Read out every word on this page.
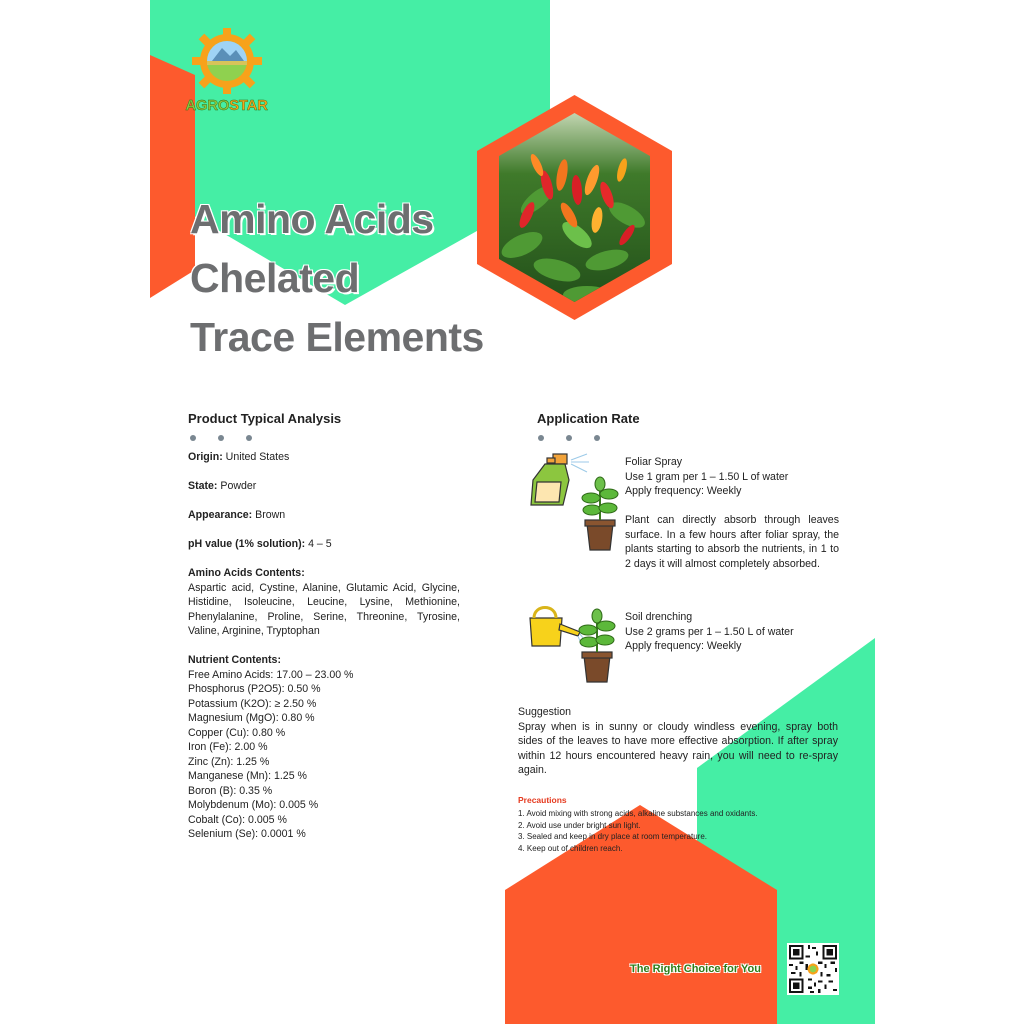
AGROSTAR
Amino Acids
Chelated
Trace Elements
Product Typical Analysis

Origin: United States

State: Powder

Appearance: Brown

pH value (1% solution): 4 – 5

Amino Acids Contents:

Aspartic acid, Cystine, Alanine, Glutamic Acid, Glycine, Histidine, Isoleucine, Leucine, Lysine, Methionine, Phenylalanine, Proline, Serine, Threonine, Tyrosine, Valine, Arginine, Tryptophan

Nutrient Contents:

Free Amino Acids: 17.00 – 23.00 %

Phosphorus (P2O5): 0.50 %

Potassium (K2O): ≥ 2.50 %

Magnesium (MgO): 0.80 %

Copper (Cu): 0.80 %

Iron (Fe): 2.00 %

Zinc (Zn): 1.25 %

Manganese (Mn): 1.25 %

Boron (B): 0.35 %

Molybdenum (Mo): 0.005 %

Cobalt (Co): 0.005 %

Selenium (Se): 0.0001 %

Application Rate
Foliar Spray
Use 1 gram per 1 – 1.50 L of water
Apply frequency: Weekly
Plant can directly absorb through leaves surface. In a few hours after foliar spray, the plants starting to absorb the nutrients, in 1 to 2 days it will almost completely absorbed.
Soil drenching
Use 2 grams per 1 – 1.50 L of water
Apply frequency: Weekly
Suggestion
Spray when is in sunny or cloudy windless evening, spray both sides of the leaves to have more effective absorption. If after spray within 12 hours encountered heavy rain, you will need to re-spray again.
Precautions
1. Avoid mixing with strong acids, alkaline substances and oxidants.
2. Avoid use under bright sun light.
3. Sealed and keep in dry place at room temperature.
4. Keep out of children reach.
The Right Choice for You
